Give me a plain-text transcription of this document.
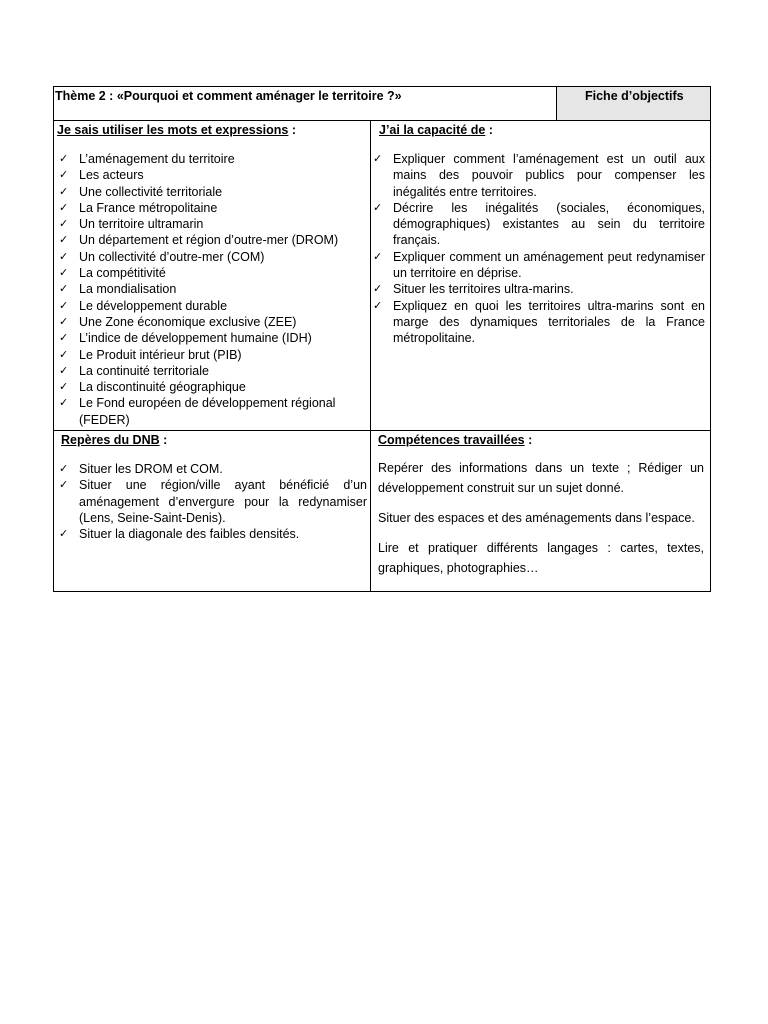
Thème 2 : «Pourquoi et comment aménager le territoire ?»	Fiche d’objectifs
Je sais utiliser les mots et expressions :
✓ L’aménagement du territoire
✓ Les acteurs
✓ Une collectivité territoriale
✓ La France métropolitaine
✓ Un territoire ultramarin
✓ Un département et région d’outre-mer (DROM)
✓ Un collectivité d’outre-mer (COM)
✓ La compétitivité
✓ La mondialisation
✓ Le développement durable
✓ Une Zone économique exclusive (ZEE)
✓ L’indice de développement humaine (IDH)
✓ Le Produit intérieur brut (PIB)
✓ La continuité territoriale
✓ La discontinuité géographique
✓ Le Fond européen de développement régional (FEDER)
J’ai la capacité de :
✓ Expliquer comment l’aménagement est un outil aux mains des pouvoir publics pour compenser les inégalités entre territoires.
✓ Décrire les inégalités (sociales, économiques, démographiques) existantes au sein du territoire français.
✓ Expliquer comment un aménagement peut redynamiser un territoire en déprise.
✓ Situer les territoires ultra-marins.
✓ Expliquez en quoi les territoires ultra-marins sont en marge des dynamiques territoriales de la France métropolitaine.
Repères du DNB :
✓ Situer les DROM et COM.
✓ Situer une région/ville ayant bénéficié d’un aménagement d’envergure pour la redynamiser (Lens, Seine-Saint-Denis).
✓ Situer la diagonale des faibles densités.
Compétences travaillées :

Repérer des informations dans un texte ; Rédiger un développement construit sur un sujet donné.

Situer des espaces et des aménagements dans l’espace.

Lire et pratiquer différents langages : cartes, textes, graphiques, photographies…
